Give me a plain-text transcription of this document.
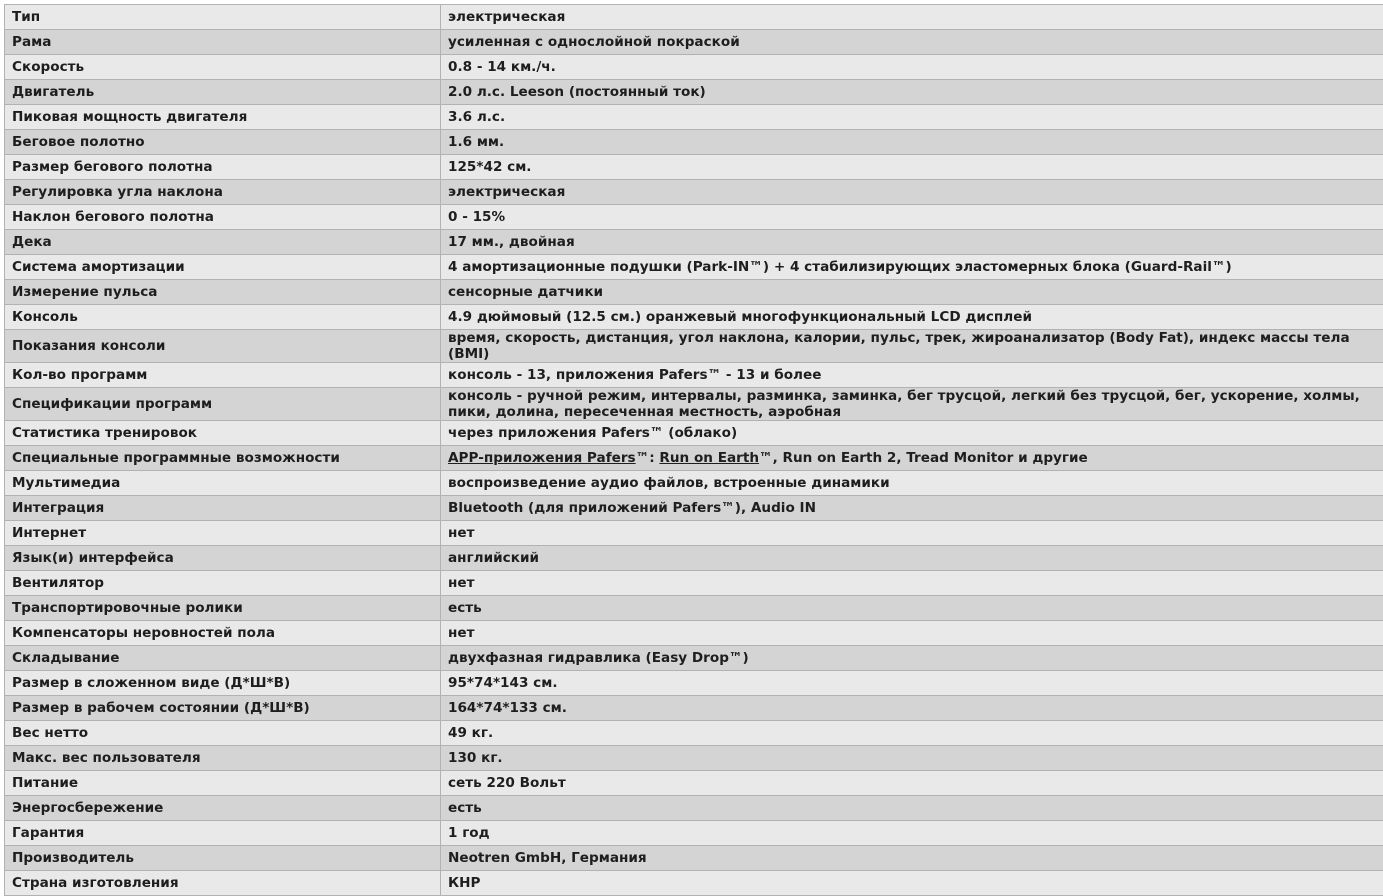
Тип	электрическая
Рама	усиленная с однослойной покраской
Скорость	0.8 - 14 км./ч.
Двигатель	2.0 л.с. Leeson (постоянный ток)
Пиковая мощность двигателя	3.6 л.с.
Беговое полотно	1.6 мм.
Размер бегового полотна	125*42 см.
Регулировка угла наклона	электрическая
Наклон бегового полотна	0 - 15%
Дека	17 мм., двойная
Система амортизации	4 амортизационные подушки (Park-IN™) + 4 стабилизирующих эластомерных блока (Guard-Rail™)
Измерение пульса	сенсорные датчики
Консоль	4.9 дюймовый (12.5 см.) оранжевый многофункциональный LCD дисплей
Показания консоли	время, скорость, дистанция, угол наклона, калории, пульс, трек, жироанализатор (Body Fat), индекс массы тела (BMI)
Кол-во программ	консоль - 13, приложения Pafers™ - 13 и более
Спецификации программ	консоль - ручной режим, интервалы, разминка, заминка, бег трусцой, легкий без трусцой, бег, ускорение, холмы, пики, долина, пересеченная местность, аэробная
Статистика тренировок	через приложения Pafers™ (облако)
Специальные программные возможности	APP-приложения Pafers™: Run on Earth™, Run on Earth 2, Tread Monitor и другие
Мультимедиа	воспроизведение аудио файлов, встроенные динамики
Интеграция	Bluetooth (для приложений Pafers™), Audio IN
Интернет	нет
Язык(и) интерфейса	английский
Вентилятор	нет
Транспортировочные ролики	есть
Компенсаторы неровностей пола	нет
Складывание	двухфазная гидравлика (Easy Drop™)
Размер в сложенном виде (Д*Ш*В)	95*74*143 см.
Размер в рабочем состоянии (Д*Ш*В)	164*74*133 см.
Вес нетто	49 кг.
Макс. вес пользователя	130 кг.
Питание	сеть 220 Вольт
Энергосбережение	есть
Гарантия	1 год
Производитель	Neotren GmbH, Германия
Страна изготовления	КНР
